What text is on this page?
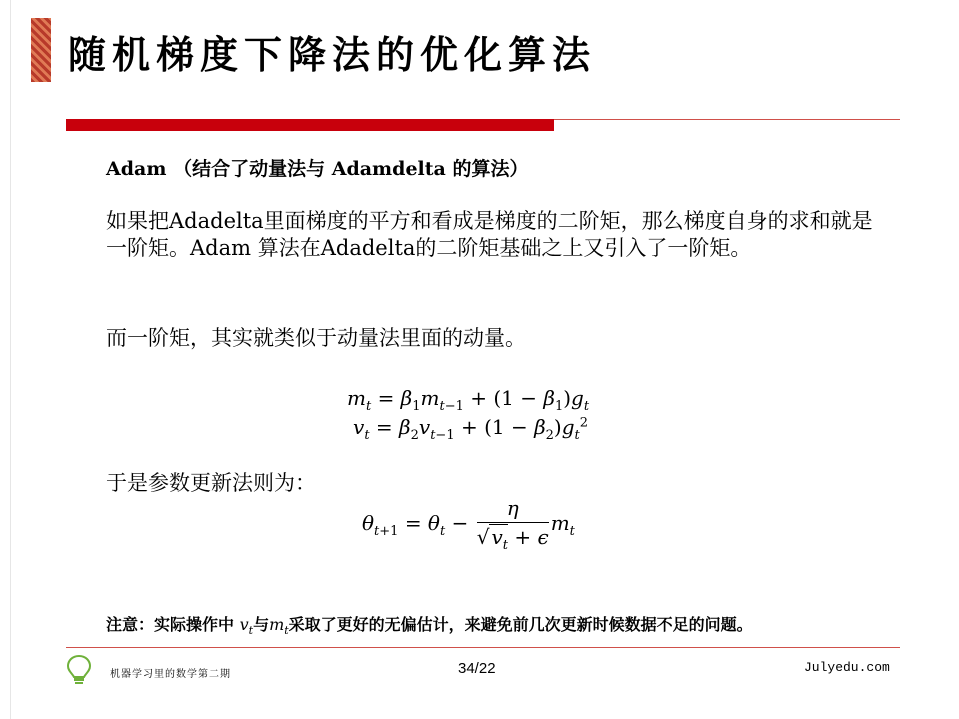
随机梯度下降法的优化算法
Adam （结合了动量法与 Adamdelta 的算法）
如果把Adadelta里面梯度的平方和看成是梯度的二阶矩，那么梯度自身的求和就是一阶矩。Adam 算法在Adadelta的二阶矩基础之上又引入了一阶矩。
而一阶矩，其实就类似于动量法里面的动量。
$m_t = \beta_1m_{t-1} + (1 - \beta_1)g_t$
$v_t = \beta_2v_{t-1} + (1 - \beta_2)g_t^2$
于是参数更新法则为：
$\theta_{t+1} = \theta_t - \frac{\eta}{√ v_t + \epsilon} m_t$
注意：实际操作中 $v_t$与$m_t$采取了更好的无偏估计，来避免前几次更新时候数据不足的问题。
机器学习里的数学第二期	34/22	Julyedu.com
